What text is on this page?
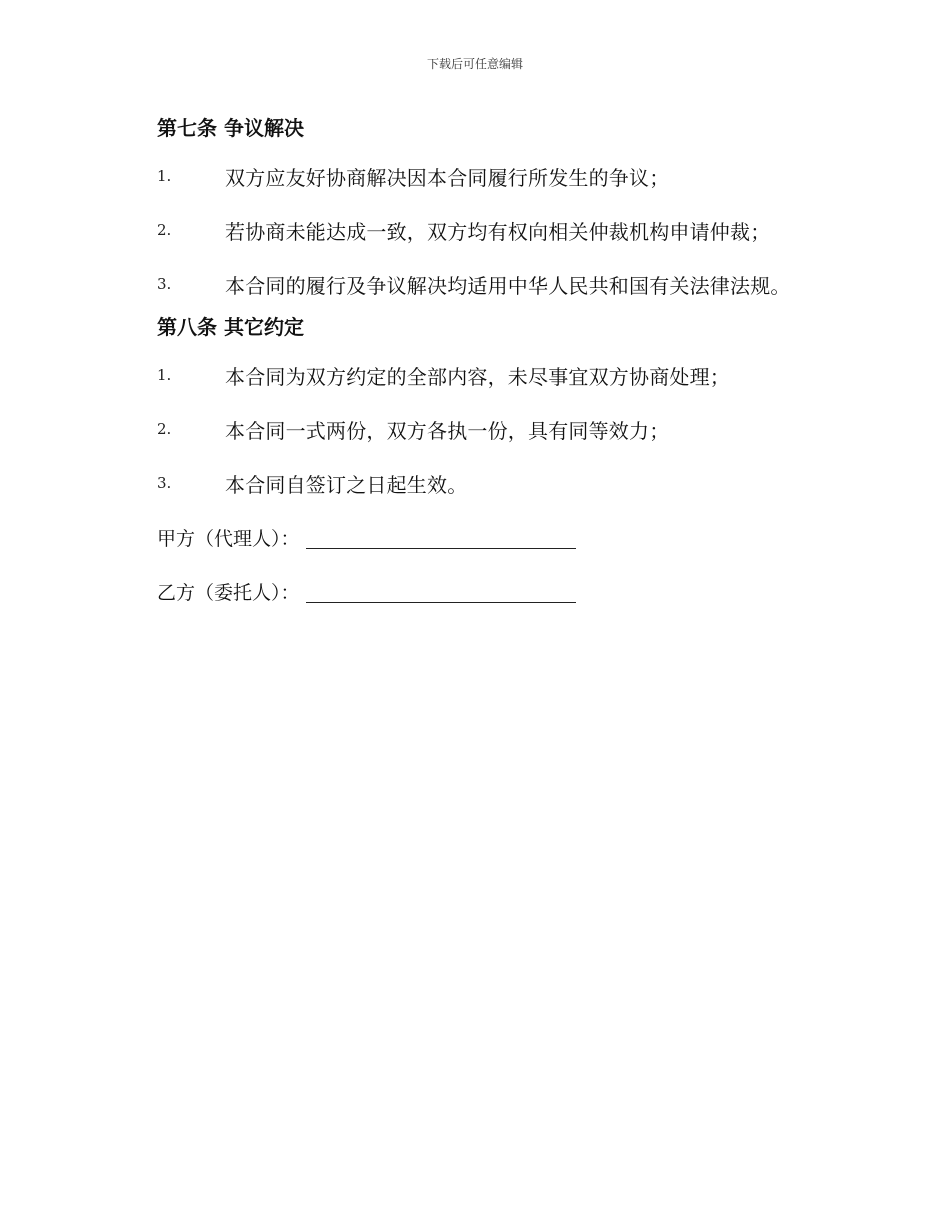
下载后可任意编辑
第七条 争议解决
1.	双方应友好协商解决因本合同履行所发生的争议；
2.	若协商未能达成一致，双方均有权向相关仲裁机构申请仲裁；
3.	本合同的履行及争议解决均适用中华人民共和国有关法律法规。
第八条 其它约定
1.	本合同为双方约定的全部内容，未尽事宜双方协商处理；
2.	本合同一式两份，双方各执一份，具有同等效力；
3.	本合同自签订之日起生效。
甲方（代理人）：
乙方（委托人）：
